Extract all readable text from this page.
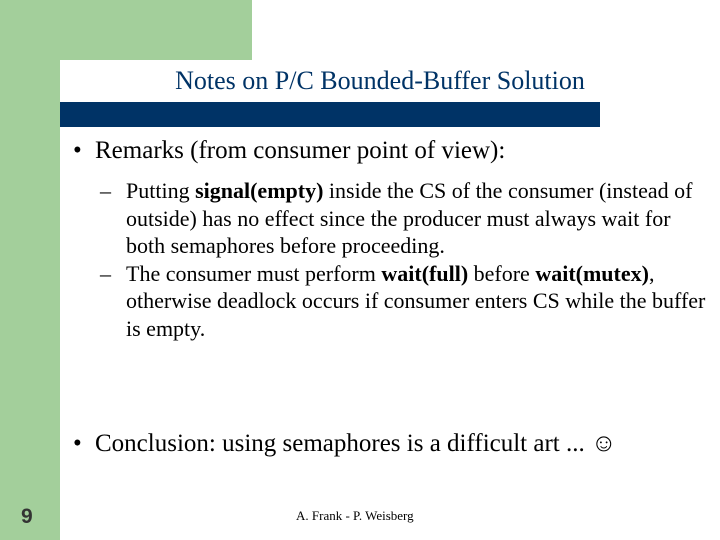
Notes on P/C Bounded-Buffer Solution
• Remarks (from consumer point of view):
– Putting signal(empty) inside the CS of the consumer (instead of outside) has no effect since the producer must always wait for both semaphores before proceeding.
– The consumer must perform wait(full) before wait(mutex), otherwise deadlock occurs if consumer enters CS while the buffer is empty.
• Conclusion: using semaphores is a difficult art ... ☺
9	A. Frank - P. Weisberg
